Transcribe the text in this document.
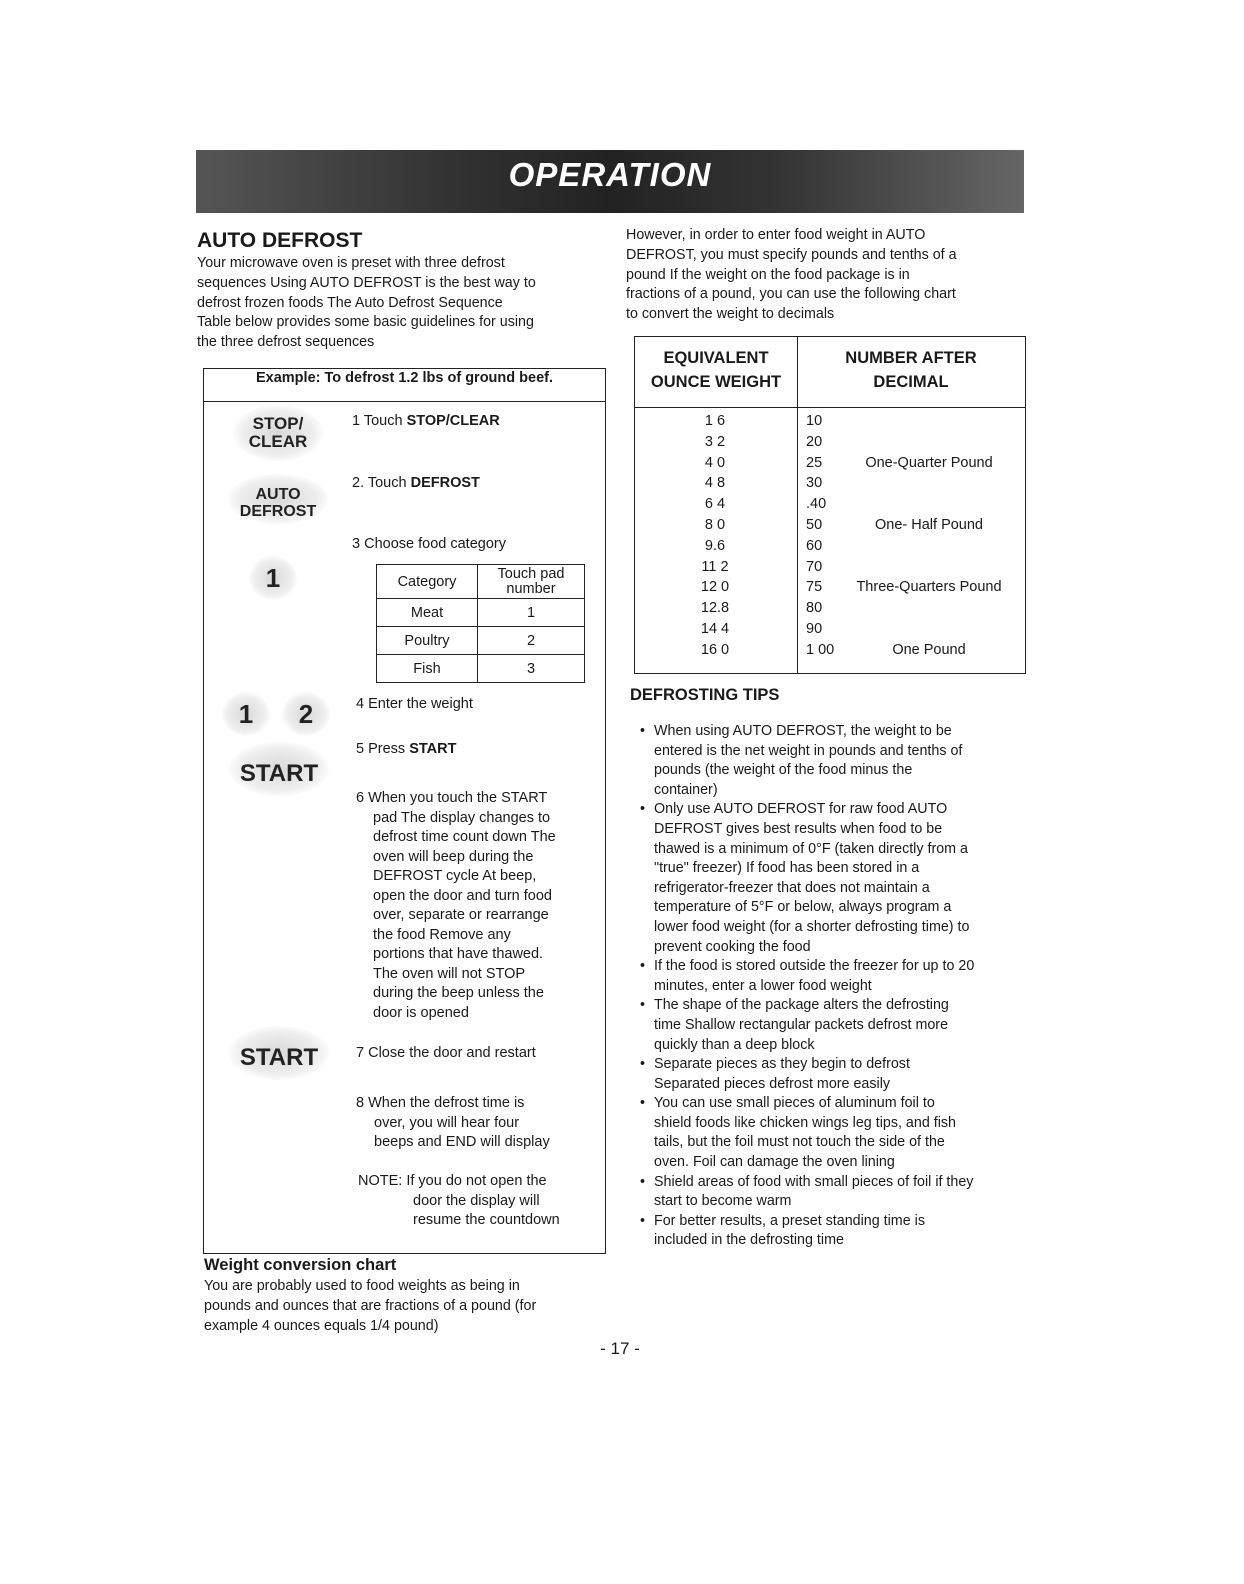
OPERATION
AUTO DEFROST
Your microwave oven is preset with three defrost
sequences Using AUTO DEFROST is the best way to
defrost frozen foods The Auto Defrost Sequence
Table below provides some basic guidelines for using
the three defrost sequences
Example: To defrost 1.2 lbs of ground beef.
STOP/
CLEAR
AUTO
DEFROST
1
1	2
START
START
1 Touch STOP/CLEAR
2. Touch DEFROST
3 Choose food category
Category	Touch pad
number

Meat	1
Poultry	2
Fish	3
4 Enter the weight
5 Press START
6 When you touch the START
pad The display changes to
defrost time count down The
oven will beep during the
DEFROST cycle At beep,
open the door and turn food
over, separate or rearrange
the food Remove any
portions that have thawed.
The oven will not STOP
during the beep unless the
door is opened
7 Close the door and restart
8 When the defrost time is
over, you will hear four
beeps and END will display
NOTE: If you do not open the
door the display will
resume the countdown
Weight conversion chart
You are probably used to food weights as being in
pounds and ounces that are fractions of a pound (for
example 4 ounces equals 1/4 pound)
However, in order to enter food weight in AUTO
DEFROST, you must specify pounds and tenths of a
pound If the weight on the food package is in
fractions of a pound, you can use the following chart
to convert the weight to decimals
EQUIVALENT
OUNCE WEIGHT
NUMBER AFTER
DECIMAL
1 6	10
3 2	20
4 0	25	One-Quarter Pound
4 8	30
6 4	.40
8 0	50	One- Half Pound
9.6	60
11 2	70
12 0	75	Three-Quarters Pound
12.8	80
14 4	90
16 0	1 00	One Pound
DEFROSTING TIPS
• When using AUTO DEFROST, the weight to be
entered is the net weight in pounds and tenths of
pounds (the weight of the food minus the
container)
• Only use AUTO DEFROST for raw food AUTO
DEFROST gives best results when food to be
thawed is a minimum of 0°F (taken directly from a
"true" freezer) If food has been stored in a
refrigerator-freezer that does not maintain a
temperature of 5°F or below, always program a
lower food weight (for a shorter defrosting time) to
prevent cooking the food
• If the food is stored outside the freezer for up to 20
minutes, enter a lower food weight
• The shape of the package alters the defrosting
time Shallow rectangular packets defrost more
quickly than a deep block
• Separate pieces as they begin to defrost
Separated pieces defrost more easily
• You can use small pieces of aluminum foil to
shield foods like chicken wings leg tips, and fish
tails, but the foil must not touch the side of the
oven. Foil can damage the oven lining
• Shield areas of food with small pieces of foil if they
start to become warm
• For better results, a preset standing time is
included in the defrosting time
- 17 -
